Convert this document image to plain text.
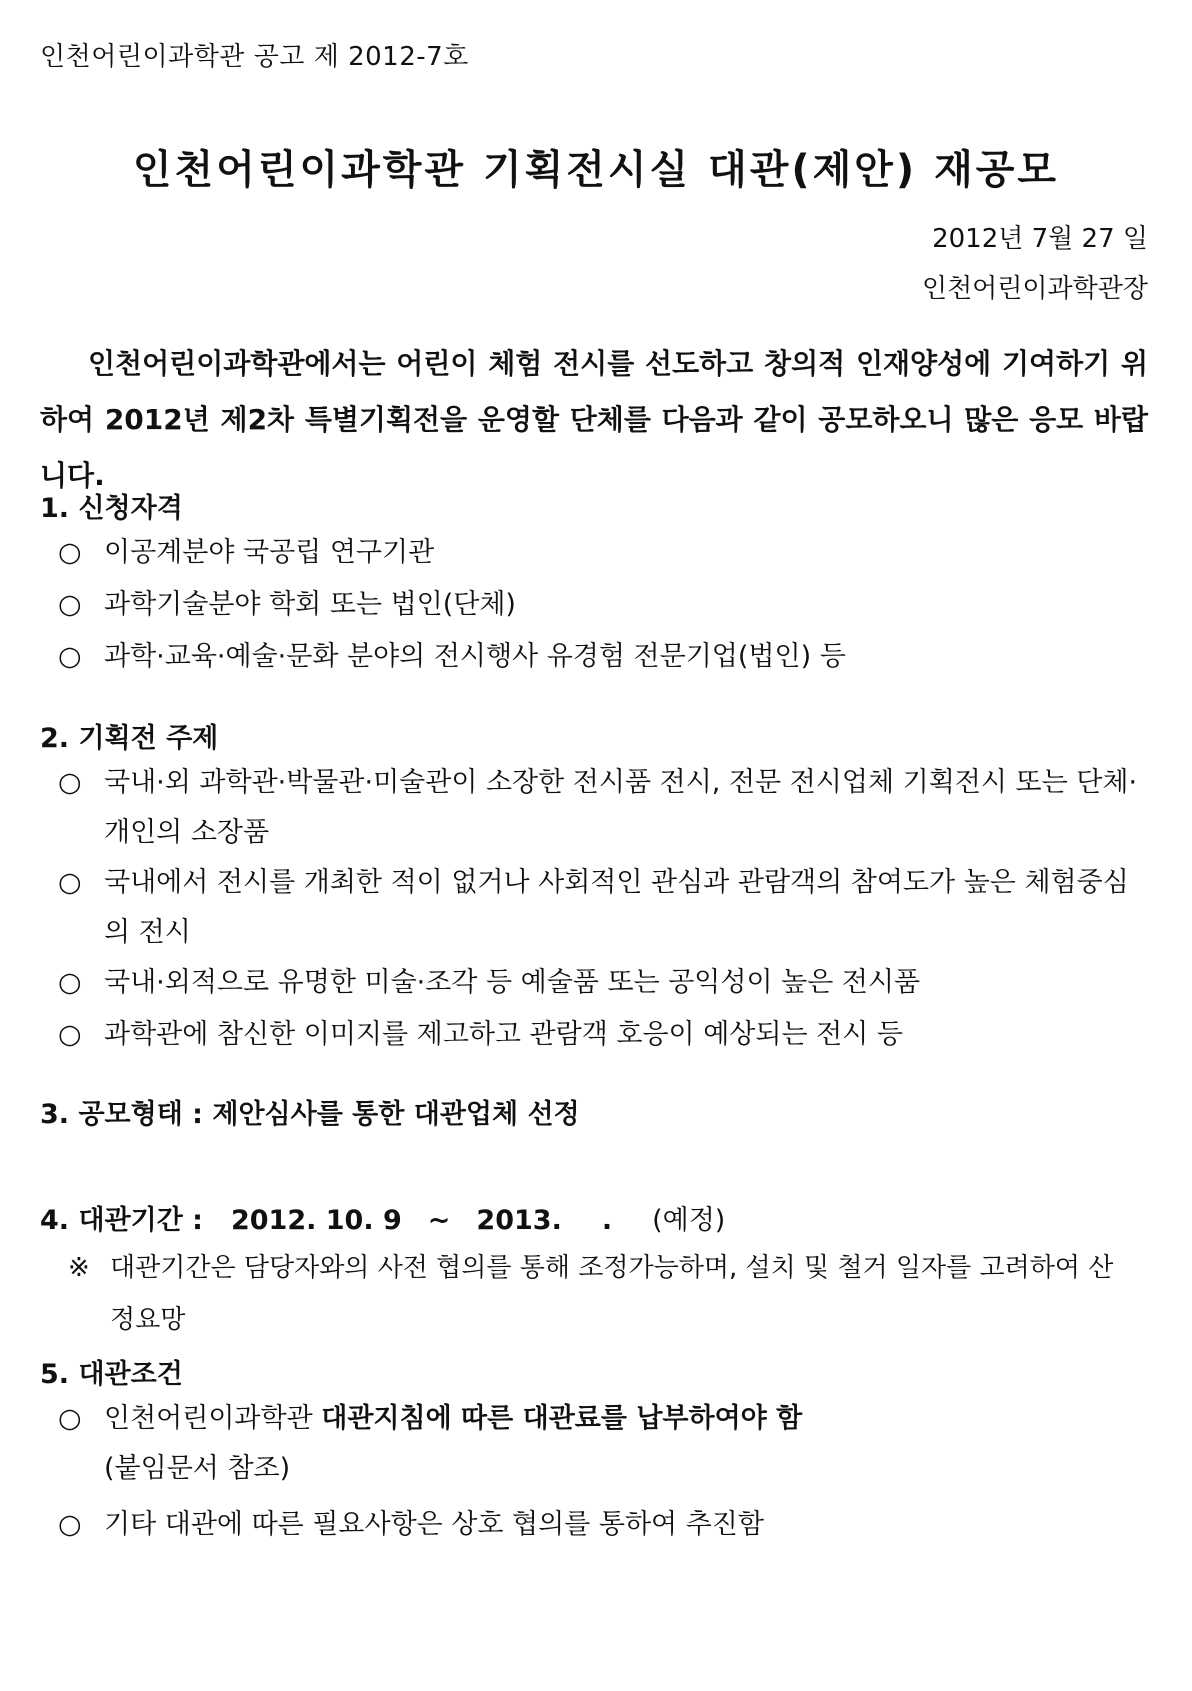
인천어린이과학관 공고 제 2012-7호
인천어린이과학관 기획전시실 대관(제안) 재공모
2012년 7월 27 일
인천어린이과학관장
인천어린이과학관에서는 어린이 체험 전시를 선도하고 창의적 인재양성에 기여하기 위하여 2012년 제2차 특별기획전을 운영할 단체를 다음과 같이 공모하오니 많은 응모 바랍니다.
1. 신청자격
○ 이공계분야 국공립 연구기관
○ 과학기술분야 학회 또는 법인(단체)
○ 과학·교육·예술·문화 분야의 전시행사 유경험 전문기업(법인) 등
2. 기획전 주제
○ 국내·외 과학관·박물관·미술관이 소장한 전시품 전시, 전문 전시업체 기획전시 또는 단체·개인의 소장품
○ 국내에서 전시를 개최한 적이 없거나 사회적인 관심과 관람객의 참여도가 높은 체험중심의 전시
○ 국내·외적으로 유명한 미술·조각 등 예술품 또는 공익성이 높은 전시품
○ 과학관에 참신한 이미지를 제고하고 관람객 호응이 예상되는 전시 등
3. 공모형태 : 제안심사를 통한 대관업체 선정
4. 대관기간 : 2012. 10. 9 ~ 2013. . (예정)
※ 대관기간은 담당자와의 사전 협의를 통해 조정가능하며, 설치 및 철거 일자를 고려하여 산정요망
5. 대관조건
○ 인천어린이과학관 대관지침에 따른 대관료를 납부하여야 함
(붙임문서 참조)
○ 기타 대관에 따른 필요사항은 상호 협의를 통하여 추진함
